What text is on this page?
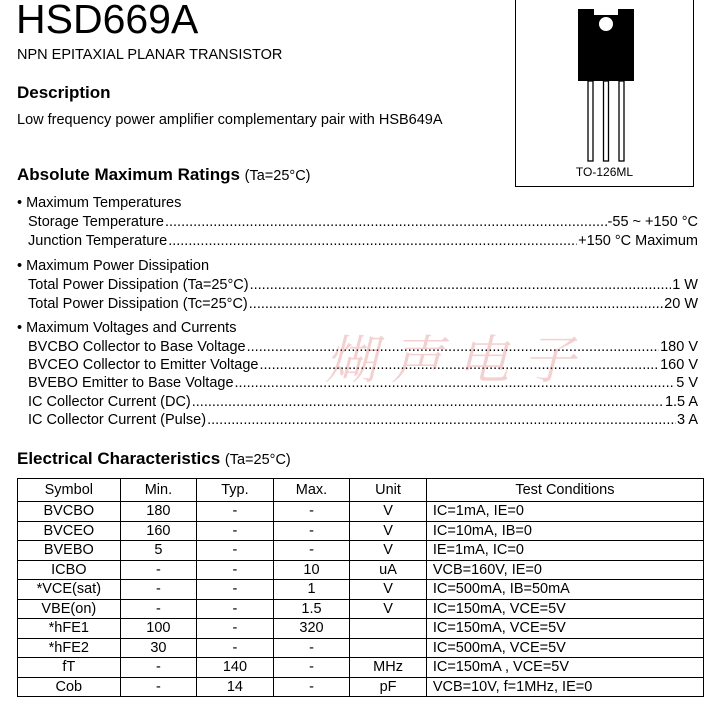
HSD669A
NPN EPITAXIAL PLANAR TRANSISTOR
Description
Low frequency power amplifier complementary pair with HSB649A
TO-126ML
Absolute Maximum Ratings (Ta=25°C)
• Maximum Temperatures
Storage Temperature .....	-55 ~ +150 °C
Junction Temperature .....	+150 °C Maximum
• Maximum Power Dissipation
Total Power Dissipation (Ta=25°C) .....	1 W
Total Power Dissipation (Tc=25°C) .....	20 W
• Maximum Voltages and Currents
BVCBO Collector to Base Voltage .....	180 V
BVCEO Collector to Emitter Voltage .....	160 V
BVEBO Emitter to Base Voltage .....	5 V
IC Collector Current (DC) .....	1.5 A
IC Collector Current (Pulse) .....	3 A
煳声电子
Electrical Characteristics (Ta=25°C)
Symbol	Min.	Typ.	Max.	Unit	Test Conditions
BVCBO	180	-	-	V	IC=1mA, IE=0
BVCEO	160	-	-	V	IC=10mA, IB=0
BVEBO	5	-	-	V	IE=1mA, IC=0
ICBO	-	-	10	uA	VCB=160V, IE=0
*VCE(sat)	-	-	1	V	IC=500mA, IB=50mA
VBE(on)	-	-	1.5	V	IC=150mA, VCE=5V
*hFE1	100	-	320		IC=150mA, VCE=5V
*hFE2	30	-	-		IC=500mA, VCE=5V
fT	-	140	-	MHz	IC=150mA , VCE=5V
Cob	-	14	-	pF	VCB=10V, f=1MHz, IE=0
